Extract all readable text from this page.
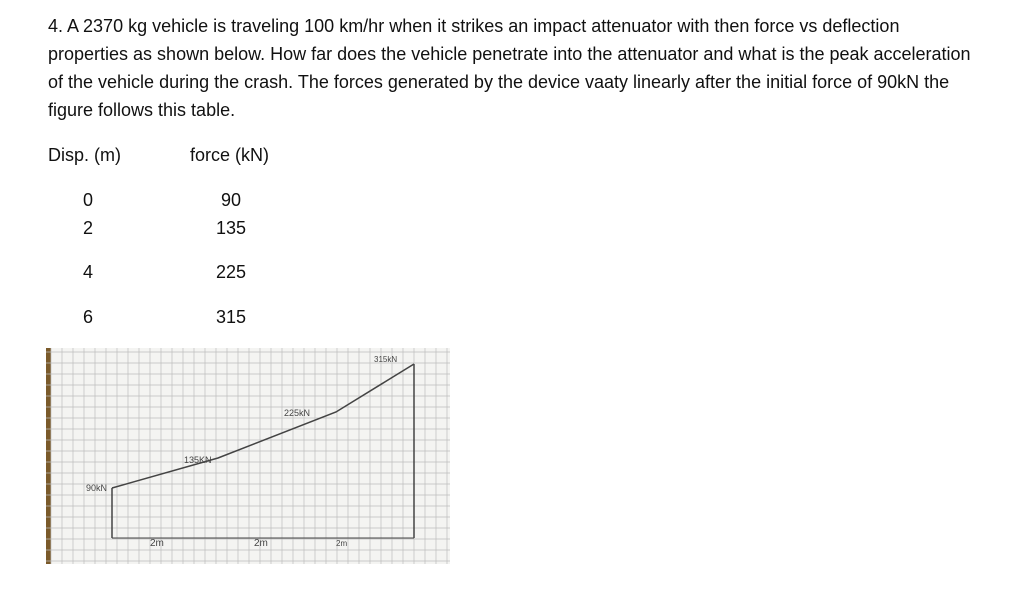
4. A 2370 kg vehicle is traveling 100 km/hr when it strikes an impact attenuator with then force vs deflection properties as shown below. How far does the vehicle penetrate into the attenuator and what is the peak acceleration of the vehicle during the crash. The forces generated by the device vaaty linearly after the initial force of 90kN the figure follows this table.

Disp. (m)	force (kN)
0	90
2	135
4	225
6	315
90kN
135KN
225kN
315kN
2m	2m	2m
